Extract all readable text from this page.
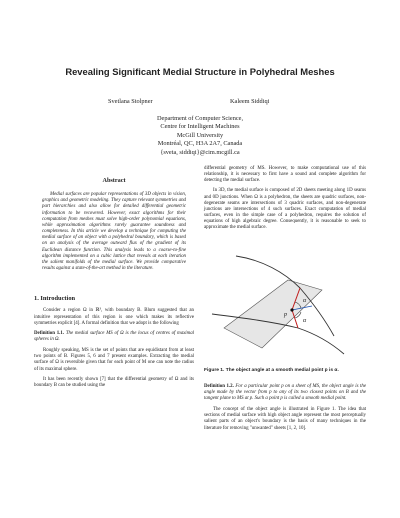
Revealing Significant Medial Structure in Polyhedral Meshes
Svetlana Stolpner	Kaleem Siddiqi
Department of Computer Science,
Centre for Intelligent Machines
McGill University
Montréal, QC, H3A 2A7, Canada
{sveta, siddiqi}@cim.mcgill.ca
Abstract
Medial surfaces are popular representations of 3D objects in vision, graphics and geometric modeling. They capture relevant symmetries and part hierarchies and also allow for detailed differential geometric information to be recovered. However, exact algorithms for their computation from meshes must solve high-order polynomial equations, while approximation algorithms rarely guarantee soundness and completeness. In this article we develop a technique for computing the medial surface of an object with a polyhedral boundary, which is based on an analysis of the average outward flux of the gradient of its Euclidean distance function. This analysis leads to a coarse-to-fine algorithm implemented on a cubic lattice that reveals at each iteration the salient manifolds of the medial surface. We provide comparative results against a state-of-the-art method in the literature.
1. Introduction
Consider a region Ω in ℝ³, with boundary B. Blum suggested that an intuitive representation of this region is one which makes its reflective symmetries explicit [4]. A formal definition that we adopt is the following
Definition 1.1. The medial surface MS of Ω is the locus of centres of maximal spheres in Ω.
Roughly speaking, MS is the set of points that are equidistant from at least two points of B. Figures 5, 6 and 7 present examples. Extracting the medial surface of Ω is reversible given that for each point of M one can note the radius of its maximal sphere.
It has been recently shown [7] that the differential geometry of Ω and its boundary B can be studied using the
differential geometry of MS. However, to make computational use of this relationship, it is necessary to first have a sound and complete algorithm for detecting the medial surface.
In 3D, the medial surface is composed of 2D sheets meeting along 1D seams and 0D junctions. When Ω is a polyhedron, the sheets are quadric surfaces, non-degenerate seams are intersections of 3 quadric surfaces, and non-degenerate junctions are intersections of 4 such surfaces. Exact computation of medial surfaces, even in the simple case of a polyhedron, requires the solution of equations of high algebraic degree. Consequently, it is reasonable to seek to approximate the medial surface.
p
α
α
Figure 1. The object angle at a smooth medial point p is α.
Definition 1.2. For a particular point p on a sheet of MS, the object angle is the angle made by the vector from p to any of its two closest points on B and the tangent plane to MS at p. Such a point p is called a smooth medial point.
The concept of the object angle is illustrated in Figure 1. The idea that sections of medial surface with high object angle represent the most perceptually salient parts of an object's boundary is the basis of many techniques in the literature for removing "unwanted" sheets [1, 2, 10].
